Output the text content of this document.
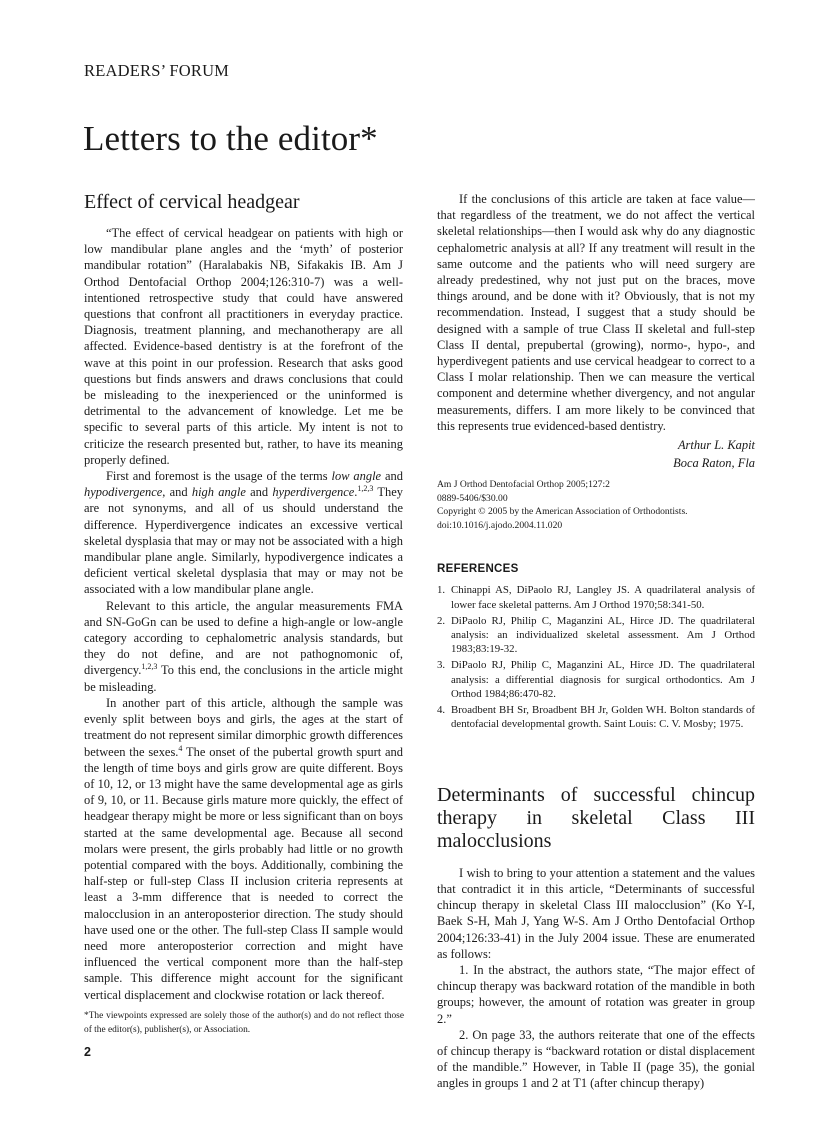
READERS’ FORUM
Letters to the editor*
Effect of cervical headgear

“The effect of cervical headgear on patients with high or low mandibular plane angles and the ‘myth’ of posterior mandibular rotation” (Haralabakis NB, Sifakakis IB. Am J Orthod Dentofacial Orthop 2004;126:310-7) was a well-intentioned retrospective study that could have answered questions that confront all practitioners in everyday practice. Diagnosis, treatment planning, and mechanotherapy are all affected. Evidence-based dentistry is at the forefront of the wave at this point in our profession. Research that asks good questions but finds answers and draws conclusions that could be misleading to the inexperienced or the uninformed is detrimental to the advancement of knowledge. Let me be specific to several parts of this article. My intent is not to criticize the research presented but, rather, to have its meaning properly defined.

First and foremost is the usage of the terms low angle and hypodivergence, and high angle and hyperdivergence.$^{1,2,3}$ They are not synonyms, and all of us should understand the difference. Hyperdivergence indicates an excessive vertical skeletal dysplasia that may or may not be associated with a high mandibular plane angle. Similarly, hypodivergence indicates a deficient vertical skeletal dysplasia that may or may not be associated with a low mandibular plane angle.

Relevant to this article, the angular measurements FMA and SN-GoGn can be used to define a high-angle or low-angle category according to cephalometric analysis standards, but they do not define, and are not pathognomonic of, divergency.$^{1,2,3}$ To this end, the conclusions in the article might be misleading.

In another part of this article, although the sample was evenly split between boys and girls, the ages at the start of treatment do not represent similar dimorphic growth differences between the sexes.$^4$ The onset of the pubertal growth spurt and the length of time boys and girls grow are quite different. Boys of 10, 12, or 13 might have the same developmental age as girls of 9, 10, or 11. Because girls mature more quickly, the effect of headgear therapy might be more or less significant than on boys started at the same developmental age. Because all second molars were present, the girls probably had little or no growth potential compared with the boys. Additionally, combining the half-step or full-step Class II inclusion criteria represents at least a 3-mm difference that is needed to correct the malocclusion in an anteroposterior direction. The study should have used one or the other. The full-step Class II sample would need more anteroposterior correction and might have influenced the vertical component more than the half-step sample. This difference might account for the significant vertical displacement and clockwise rotation or lack thereof.

If the conclusions of this article are taken at face value—that regardless of the treatment, we do not affect the vertical skeletal relationships—then I would ask why do any diagnostic cephalometric analysis at all? If any treatment will result in the same outcome and the patients who will need surgery are already predestined, why not just put on the braces, move things around, and be done with it? Obviously, that is not my recommendation. Instead, I suggest that a study should be designed with a sample of true Class II skeletal and full-step Class II dental, prepubertal (growing), normo-, hypo-, and hyperdivegent patients and use cervical headgear to correct to a Class I molar relationship. Then we can measure the vertical component and determine whether divergency, and not angular measurements, differs. I am more likely to be convinced that this represents true evidenced-based dentistry.

Arthur L. Kapit
Boca Raton, Fla
Am J Orthod Dentofacial Orthop 2005;127:2
0889-5406/$30.00
Copyright © 2005 by the American Association of Orthodontists.
doi:10.1016/j.ajodo.2004.11.020
REFERENCES
1. Chinappi AS, DiPaolo RJ, Langley JS. A quadrilateral analysis of lower face skeletal patterns. Am J Orthod 1970;58:341-50.
2. DiPaolo RJ, Philip C, Maganzini AL, Hirce JD. The quadrilateral analysis: an individualized skeletal assessment. Am J Orthod 1983;83:19-32.
3. DiPaolo RJ, Philip C, Maganzini AL, Hirce JD. The quadrilateral analysis: a differential diagnosis for surgical orthodontics. Am J Orthod 1984;86:470-82.
4. Broadbent BH Sr, Broadbent BH Jr, Golden WH. Bolton standards of dentofacial developmental growth. Saint Louis: C. V. Mosby; 1975.
Determinants of successful chincup therapy in skeletal Class III malocclusions

I wish to bring to your attention a statement and the values that contradict it in this article, “Determinants of successful chincup therapy in skeletal Class III malocclusion” (Ko Y-I, Baek S-H, Mah J, Yang W-S. Am J Ortho Dentofacial Orthop 2004;126:33-41) in the July 2004 issue. These are enumerated as follows:

1. In the abstract, the authors state, “The major effect of chincup therapy was backward rotation of the mandible in both groups; however, the amount of rotation was greater in group 2.”

2. On page 33, the authors reiterate that one of the effects of chincup therapy is “backward rotation or distal displacement of the mandible.” However, in Table II (page 35), the gonial angles in groups 1 and 2 at T1 (after chincup therapy)

*The viewpoints expressed are solely those of the author(s) and do not reflect those of the editor(s), publisher(s), or Association.
2
